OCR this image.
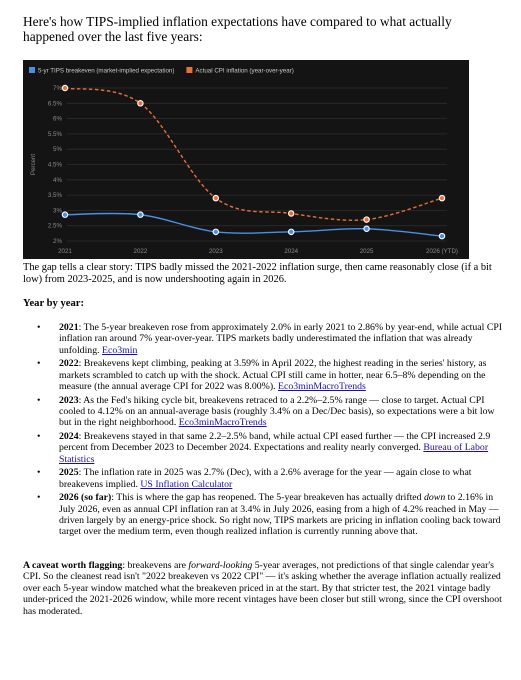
Here's how TIPS-implied inflation expectations have compared to what actually happened over the last five years:

5-yr TIPS breakeven (market-implied expectation)	Actual CPI inflation (year-over-year)
2%
2.5%
3%
3.5%
4%
4.5%
5%
5.5%
6%
6.5%
7%
2021	2022	2023	2024	2025	2026 (YTD)
Percent

The gap tells a clear story: TIPS badly missed the 2021-2022 inflation surge, then came reasonably close (if a bit low) from 2023-2025, and is now undershooting again in 2026.

Year by year:

• 2021: The 5-year breakeven rose from approximately 2.0% in early 2021 to 2.86% by year-end, while actual CPI inflation ran around 7% year-over-year. TIPS markets badly underestimated the inflation that was already unfolding. Eco3min
• 2022: Breakevens kept climbing, peaking at 3.59% in April 2022, the highest reading in the series' history, as markets scrambled to catch up with the shock. Actual CPI still came in hotter, near 6.5–8% depending on the measure (the annual average CPI for 2022 was 8.00%). Eco3minMacroTrends
• 2023: As the Fed's hiking cycle bit, breakevens retraced to a 2.2%–2.5% range — close to target. Actual CPI cooled to 4.12% on an annual-average basis (roughly 3.4% on a Dec/Dec basis), so expectations were a bit low but in the right neighborhood. Eco3minMacroTrends
• 2024: Breakevens stayed in that same 2.2–2.5% band, while actual CPI eased further — the CPI increased 2.9 percent from December 2023 to December 2024. Expectations and reality nearly converged. Bureau of Labor Statistics
• 2025: The inflation rate in 2025 was 2.7% (Dec), with a 2.6% average for the year — again close to what breakevens implied. US Inflation Calculator
• 2026 (so far): This is where the gap has reopened. The 5-year breakeven has actually drifted down to 2.16% in July 2026, even as annual CPI inflation ran at 3.4% in July 2026, easing from a high of 4.2% reached in May — driven largely by an energy-price shock. So right now, TIPS markets are pricing in inflation cooling back toward target over the medium term, even though realized inflation is currently running above that.

A caveat worth flagging: breakevens are forward-looking 5-year averages, not predictions of that single calendar year's CPI. So the cleanest read isn't "2022 breakeven vs 2022 CPI" — it's asking whether the average inflation actually realized over each 5-year window matched what the breakeven priced in at the start. By that stricter test, the 2021 vintage badly under-priced the 2021-2026 window, while more recent vintages have been closer but still wrong, since the CPI overshoot has moderated.
